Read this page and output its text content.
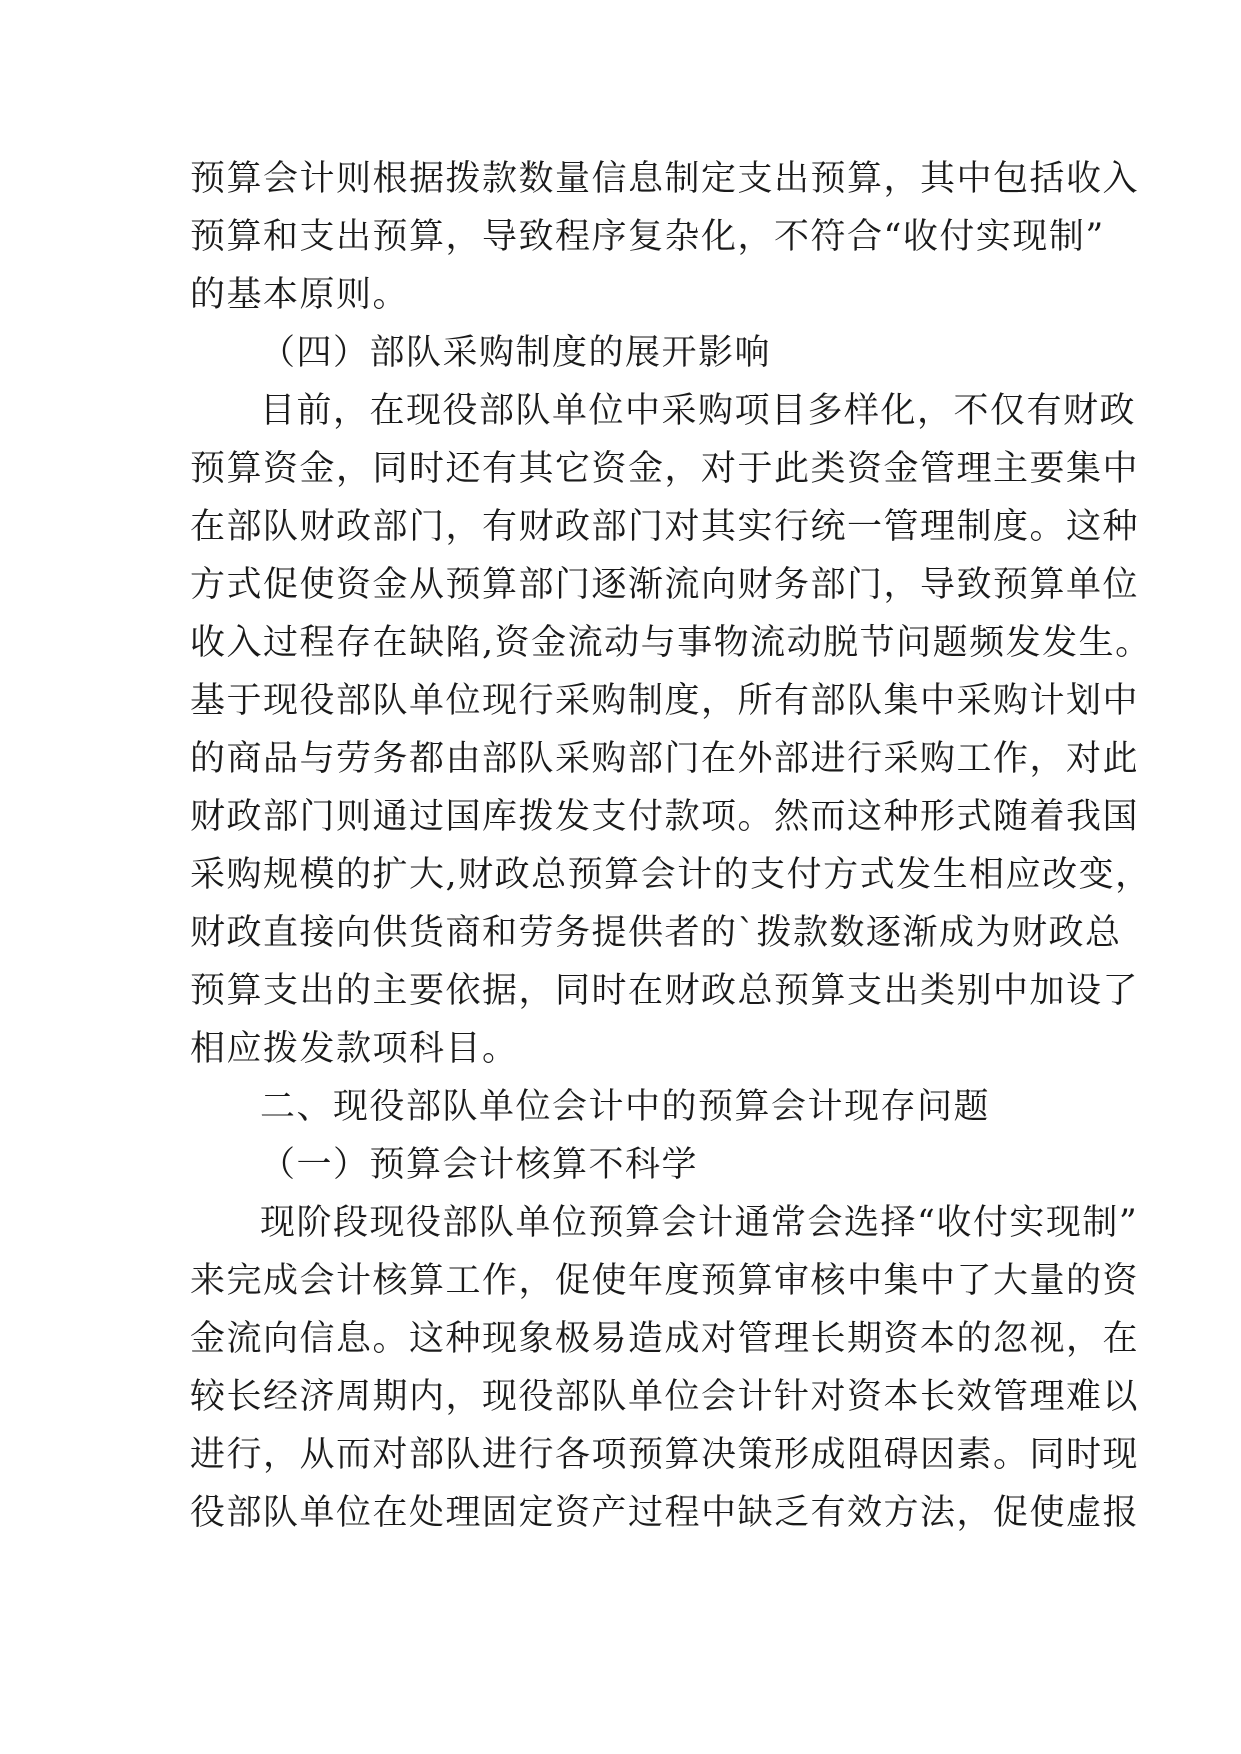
预算会计则根据拨款数量信息制定支出预算，其中包括收入
预算和支出预算，导致程序复杂化，不符合“收付实现制”
的基本原则。
（四）部队采购制度的展开影响
目前，在现役部队单位中采购项目多样化，不仅有财政
预算资金，同时还有其它资金，对于此类资金管理主要集中
在部队财政部门，有财政部门对其实行统一管理制度。这种
方式促使资金从预算部门逐渐流向财务部门，导致预算单位
收入过程存在缺陷,资金流动与事物流动脱节问题频发发生。
基于现役部队单位现行采购制度，所有部队集中采购计划中
的商品与劳务都由部队采购部门在外部进行采购工作，对此
财政部门则通过国库拨发支付款项。然而这种形式随着我国
采购规模的扩大,财政总预算会计的支付方式发生相应改变，
财政直接向供货商和劳务提供者的`拨款数逐渐成为财政总
预算支出的主要依据，同时在财政总预算支出类别中加设了
相应拨发款项科目。
二、现役部队单位会计中的预算会计现存问题
（一）预算会计核算不科学
现阶段现役部队单位预算会计通常会选择“收付实现制”
来完成会计核算工作，促使年度预算审核中集中了大量的资
金流向信息。这种现象极易造成对管理长期资本的忽视，在
较长经济周期内，现役部队单位会计针对资本长效管理难以
进行，从而对部队进行各项预算决策形成阻碍因素。同时现
役部队单位在处理固定资产过程中缺乏有效方法，促使虚报
